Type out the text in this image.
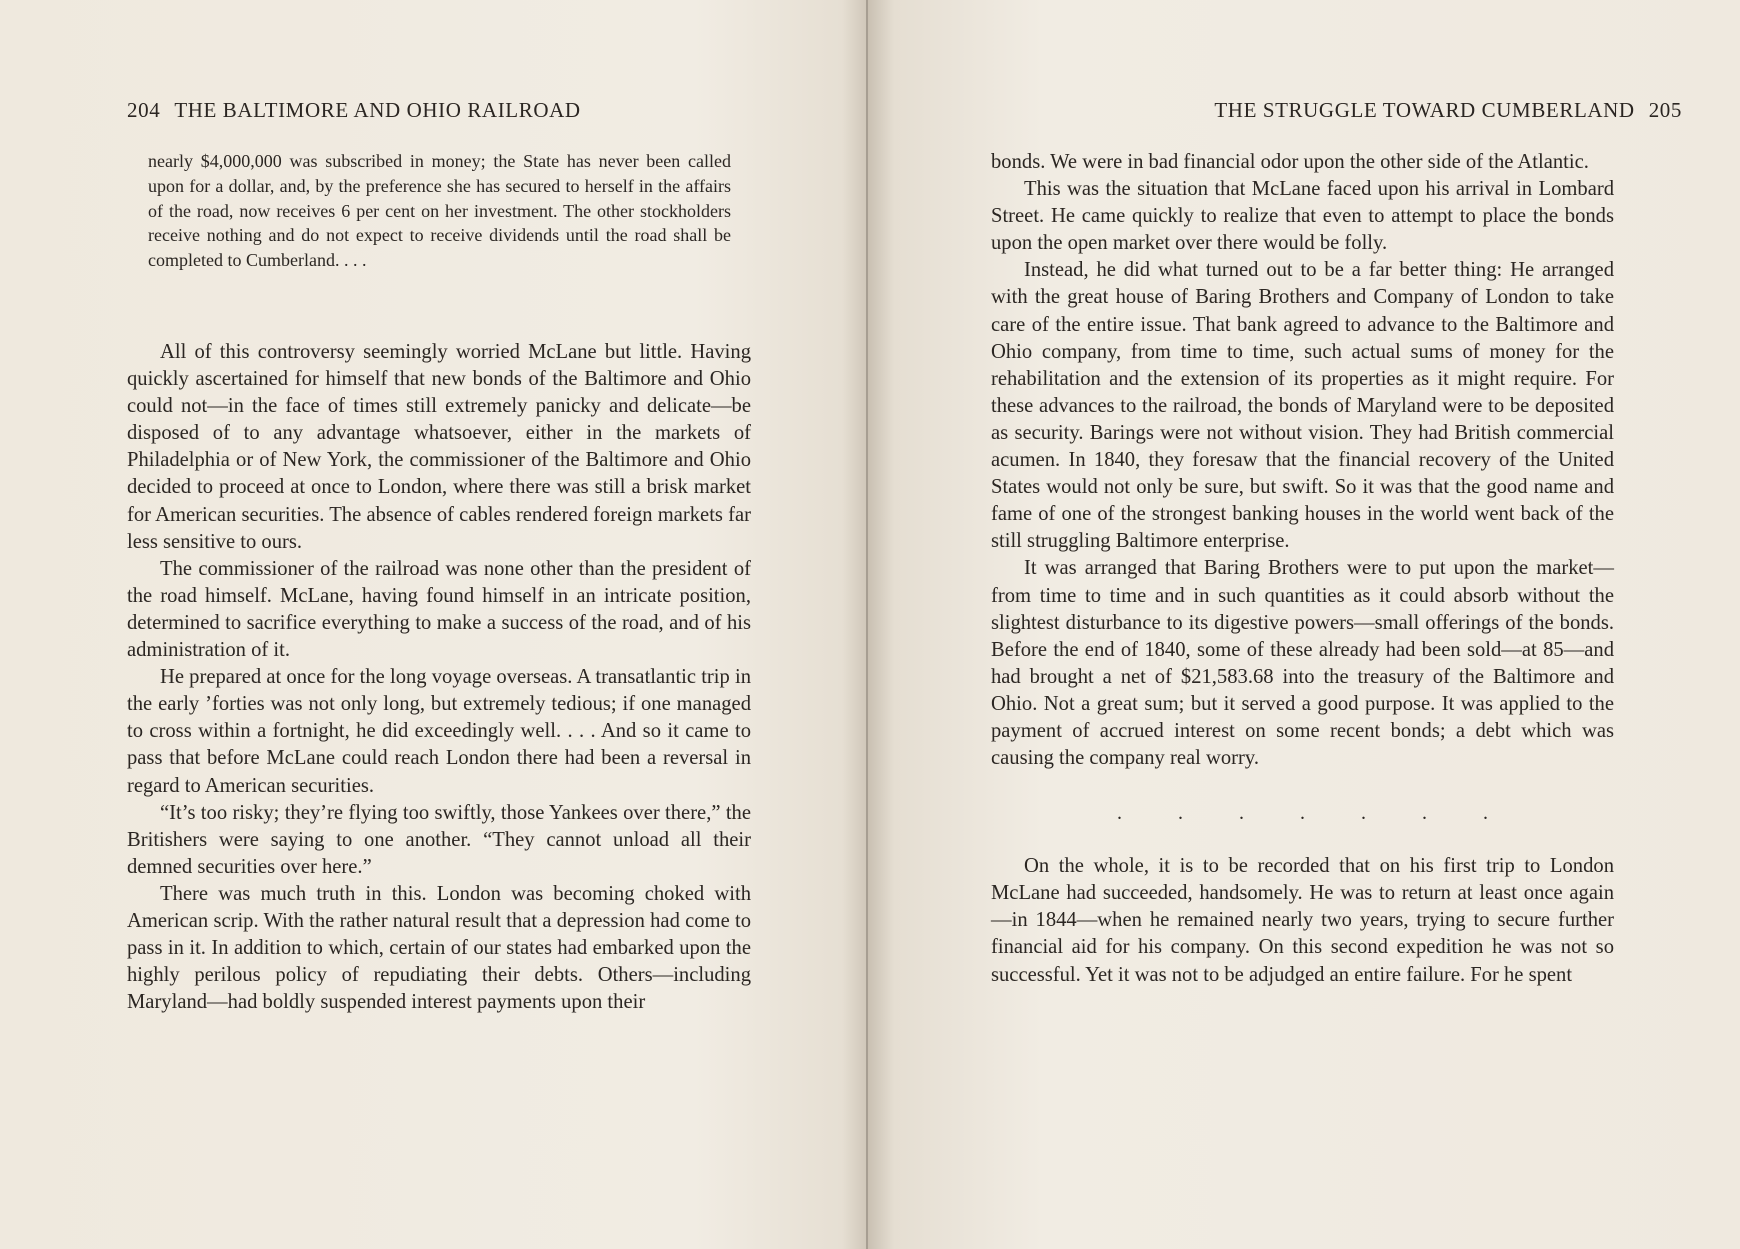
204 THE BALTIMORE AND OHIO RAILROAD

nearly $4,000,000 was subscribed in money; the State has never been called upon for a dollar, and, by the preference she has secured to herself in the affairs of the road, now receives 6 per cent on her investment. The other stockholders receive nothing and do not expect to receive dividends until the road shall be completed to Cumberland. . . .

All of this controversy seemingly worried McLane but little. Having quickly ascertained for himself that new bonds of the Baltimore and Ohio could not—in the face of times still extremely panicky and delicate—be disposed of to any advantage whatsoever, either in the markets of Philadelphia or of New York, the commissioner of the Baltimore and Ohio decided to proceed at once to London, where there was still a brisk market for American securities. The absence of cables rendered foreign markets far less sensitive to ours.

The commissioner of the railroad was none other than the president of the road himself. McLane, having found himself in an intricate position, determined to sacrifice everything to make a success of the road, and of his administration of it.

He prepared at once for the long voyage overseas. A transatlantic trip in the early ’forties was not only long, but extremely tedious; if one managed to cross within a fortnight, he did exceedingly well. . . . And so it came to pass that before McLane could reach London there had been a reversal in regard to American securities.

“It’s too risky; they’re flying too swiftly, those Yankees over there,” the Britishers were saying to one another. “They cannot unload all their demned securities over here.”

There was much truth in this. London was becoming choked with American scrip. With the rather natural result that a depression had come to pass in it. In addition to which, certain of our states had embarked upon the highly perilous policy of repudiating their debts. Others—including Maryland—had boldly suspended interest payments upon their

THE STRUGGLE TOWARD CUMBERLAND 205

bonds. We were in bad financial odor upon the other side of the Atlantic.

This was the situation that McLane faced upon his arrival in Lombard Street. He came quickly to realize that even to attempt to place the bonds upon the open market over there would be folly.

Instead, he did what turned out to be a far better thing: He arranged with the great house of Baring Brothers and Company of London to take care of the entire issue. That bank agreed to advance to the Baltimore and Ohio company, from time to time, such actual sums of money for the rehabilitation and the extension of its properties as it might require. For these advances to the railroad, the bonds of Maryland were to be deposited as security. Barings were not without vision. They had British commercial acumen. In 1840, they foresaw that the financial recovery of the United States would not only be sure, but swift. So it was that the good name and fame of one of the strongest banking houses in the world went back of the still struggling Baltimore enterprise.

It was arranged that Baring Brothers were to put upon the market—from time to time and in such quantities as it could absorb without the slightest disturbance to its digestive powers—small offerings of the bonds. Before the end of 1840, some of these already had been sold—at 85—and had brought a net of $21,583.68 into the treasury of the Baltimore and Ohio. Not a great sum; but it served a good purpose. It was applied to the payment of accrued interest on some recent bonds; a debt which was causing the company real worry.

.	.	.	.	.	.	.

On the whole, it is to be recorded that on his first trip to London McLane had succeeded, handsomely. He was to return at least once again—in 1844—when he remained nearly two years, trying to secure further financial aid for his company. On this second expedition he was not so successful. Yet it was not to be adjudged an entire failure. For he spent
